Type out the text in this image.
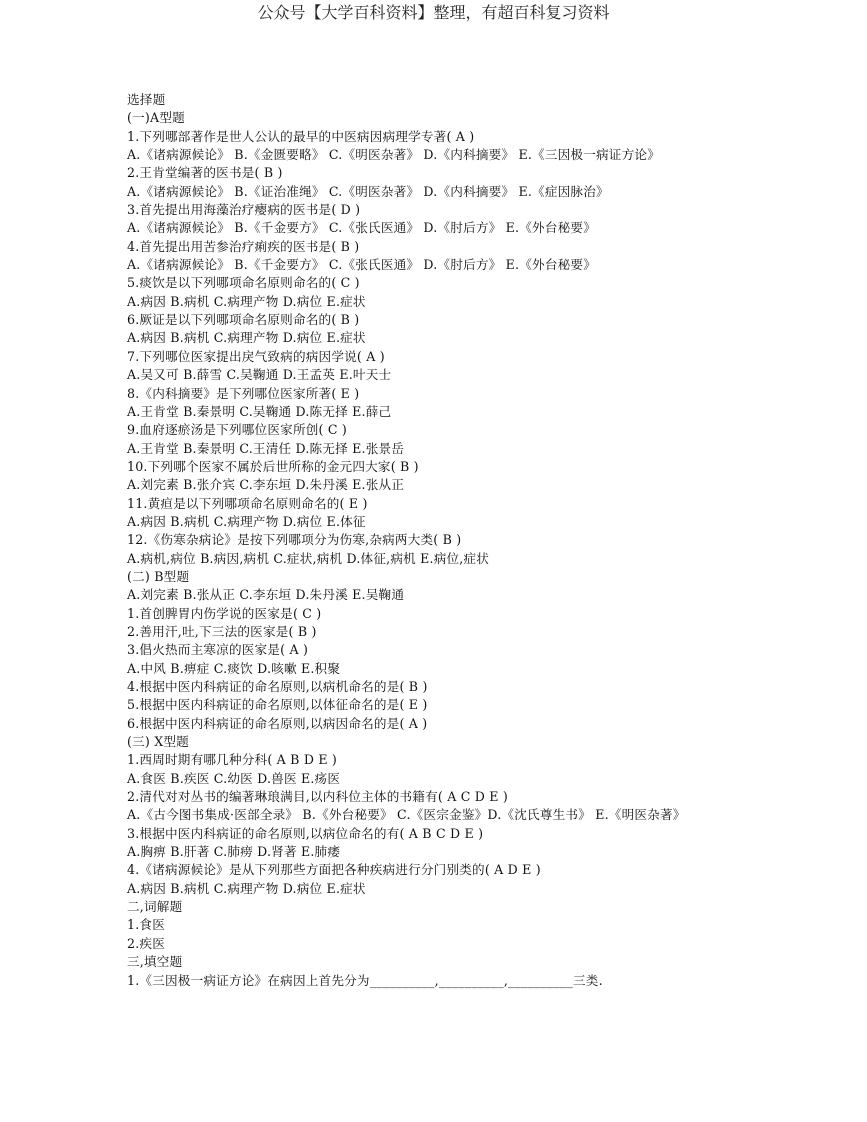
公众号【大学百科资料】整理，有超百科复习资料
选择题
(一)A型题
1.下列哪部著作是世人公认的最早的中医病因病理学专著( A )
A.《诸病源候论》 B.《金匮要略》 C.《明医杂著》 D.《内科摘要》 E.《三因极一病证方论》
2.王肯堂编著的医书是( B )
A.《诸病源候论》 B.《证治准绳》 C.《明医杂著》 D.《内科摘要》 E.《症因脉治》
3.首先提出用海藻治疗瘿病的医书是( D )
A.《诸病源候论》 B.《千金要方》 C.《张氏医通》 D.《肘后方》 E.《外台秘要》
4.首先提出用苦参治疗痢疾的医书是( B )
A.《诸病源候论》 B.《千金要方》 C.《张氏医通》 D.《肘后方》 E.《外台秘要》
5.痰饮是以下列哪项命名原则命名的( C )
A.病因 B.病机 C.病理产物 D.病位 E.症状
6.厥证是以下列哪项命名原则命名的( B )
A.病因 B.病机 C.病理产物 D.病位 E.症状
7.下列哪位医家提出戾气致病的病因学说( A )
A.吴又可 B.薛雪 C.吴鞠通 D.王孟英 E.叶天士
8.《内科摘要》是下列哪位医家所著( E )
A.王肯堂 B.秦景明 C.吴鞠通 D.陈无择 E.薛己
9.血府逐瘀汤是下列哪位医家所创( C )
A.王肯堂 B.秦景明 C.王清任 D.陈无择 E.张景岳
10.下列哪个医家不属於后世所称的金元四大家( B )
A.刘完素 B.张介宾 C.李东垣 D.朱丹溪 E.张从正
11.黄疸是以下列哪项命名原则命名的( E )
A.病因 B.病机 C.病理产物 D.病位 E.体征
12.《伤寒杂病论》是按下列哪项分为伤寒,杂病两大类( B )
A.病机,病位 B.病因,病机 C.症状,病机 D.体征,病机 E.病位,症状
(二) B型题
A.刘完素 B.张从正 C.李东垣 D.朱丹溪 E.吴鞠通
1.首创脾胃内伤学说的医家是( C )
2.善用汗,吐,下三法的医家是( B )
3.倡火热而主寒凉的医家是( A )
A.中风 B.痹症 C.痰饮 D.咳嗽 E.积聚
4.根据中医内科病证的命名原则,以病机命名的是( B )
5.根据中医内科病证的命名原则,以体征命名的是( E )
6.根据中医内科病证的命名原则,以病因命名的是( A )
(三) X型题
1.西周时期有哪几种分科( A B D E )
A.食医 B.疾医 C.幼医 D.兽医 E.疡医
2.清代对对丛书的编著琳琅满目,以内科位主体的书籍有( A C D E )
A.《古今图书集成·医部全录》 B.《外台秘要》 C.《医宗金鉴》D.《沈氏尊生书》 E.《明医杂著》
3.根据中医内科病证的命名原则,以病位命名的有( A B C D E )
A.胸痹 B.肝著 C.肺痨 D.肾著 E.肺痿
4.《诸病源候论》是从下列那些方面把各种疾病进行分门别类的( A D E )
A.病因 B.病机 C.病理产物 D.病位 E.症状
二,词解题
1.食医
2.疾医
三,填空题
1.《三因极一病证方论》在病因上首先分为__________,__________,__________三类.
